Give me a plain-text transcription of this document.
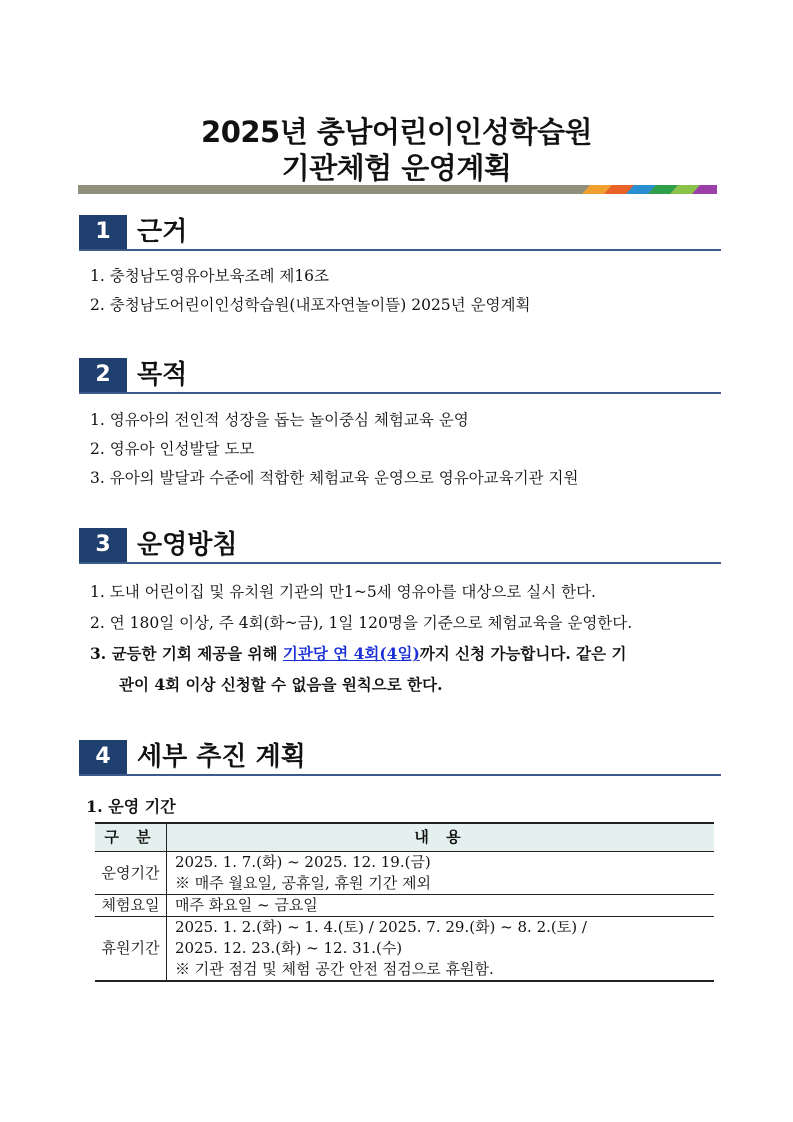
2025년 충남어린이인성학습원
기관체험 운영계획
1	근거
1. 충청남도영유아보육조례 제16조
2. 충청남도어린이인성학습원(내포자연놀이뜰) 2025년 운영계획
2	목적
1. 영유아의 전인적 성장을 돕는 놀이중심 체험교육 운영
2. 영유아 인성발달 도모
3. 유아의 발달과 수준에 적합한 체험교육 운영으로 영유아교육기관 지원
3	운영방침
1. 도내 어린이집 및 유치원 기관의 만1~5세 영유아를 대상으로 실시 한다.
2. 연 180일 이상, 주 4회(화~금), 1일 120명을 기준으로 체험교육을 운영한다.
3. 균등한 기회 제공을 위해 기관당 연 4회(4일)까지 신청 가능합니다. 같은 기
관이 4회 이상 신청할 수 없음을 원칙으로 한다.
4	세부 추진 계획
1. 운영 기간
구 분	내 용
운영기간	2025. 1. 7.(화) ~ 2025. 12. 19.(금)
※ 매주 월요일, 공휴일, 휴원 기간 제외

체험요일	매주 화요일 ~ 금요일

휴원기간	2025. 1. 2.(화) ~ 1. 4.(토) / 2025. 7. 29.(화) ~ 8. 2.(토) /
2025. 12. 23.(화) ~ 12. 31.(수)
※ 기관 점검 및 체험 공간 안전 점검으로 휴원함.
